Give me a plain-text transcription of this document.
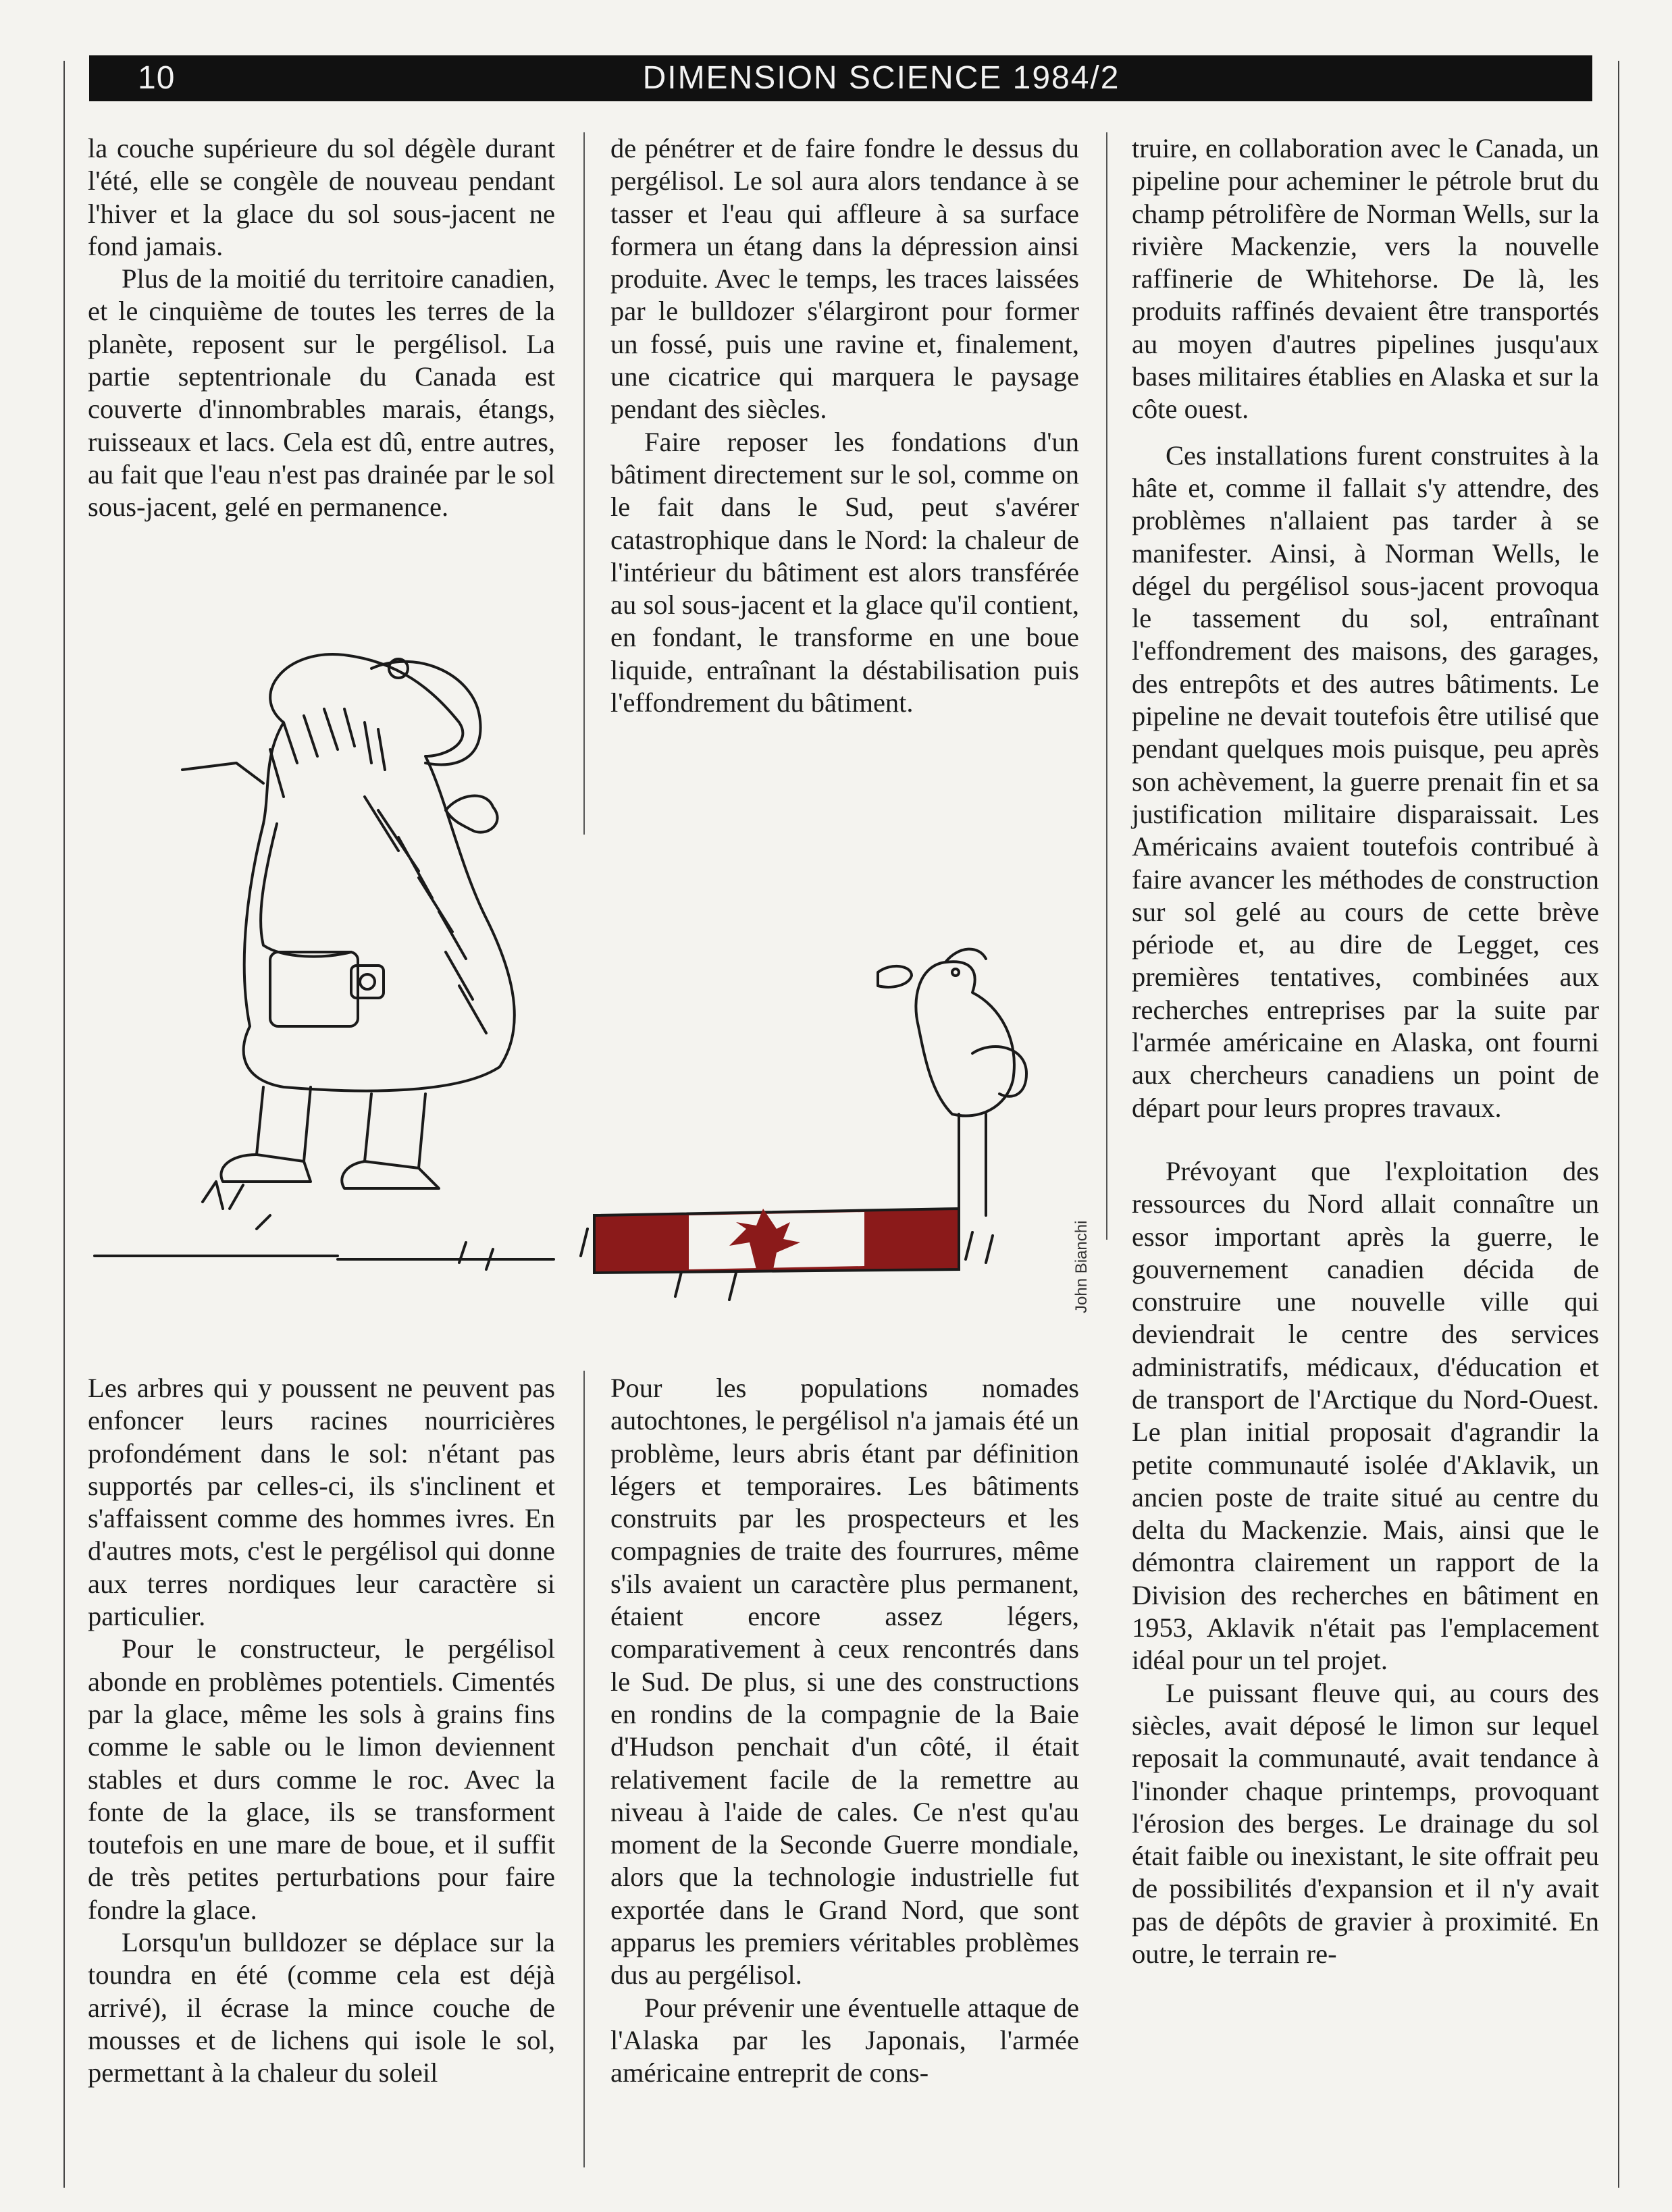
10	DIMENSION SCIENCE 1984/2

la couche supérieure du sol dégèle durant l'été, elle se congèle de nouveau pendant l'hiver et la glace du sol sous-jacent ne fond jamais.

Plus de la moitié du territoire canadien, et le cinquième de toutes les terres de la planète, reposent sur le pergélisol. La partie septentrionale du Canada est couverte d'innombrables marais, étangs, ruisseaux et lacs. Cela est dû, entre autres, au fait que l'eau n'est pas drainée par le sol sous-jacent, gelé en permanence.

de pénétrer et de faire fondre le dessus du pergélisol. Le sol aura alors tendance à se tasser et l'eau qui affleure à sa surface formera un étang dans la dépression ainsi produite. Avec le temps, les traces laissées par le bulldozer s'élargiront pour former un fossé, puis une ravine et, finalement, une cicatrice qui marquera le paysage pendant des siècles.

Faire reposer les fondations d'un bâtiment directement sur le sol, comme on le fait dans le Sud, peut s'avérer catastrophique dans le Nord: la chaleur de l'intérieur du bâtiment est alors transférée au sol sous-jacent et la glace qu'il contient, en fondant, le transforme en une boue liquide, entraînant la déstabilisation puis l'effondrement du bâtiment.

truire, en collaboration avec le Canada, un pipeline pour acheminer le pétrole brut du champ pétrolifère de Norman Wells, sur la rivière Mackenzie, vers la nouvelle raffinerie de Whitehorse. De là, les produits raffinés devaient être transportés au moyen d'autres pipelines jusqu'aux bases militaires établies en Alaska et sur la côte ouest.

Ces installations furent construites à la hâte et, comme il fallait s'y attendre, des problèmes n'allaient pas tarder à se manifester. Ainsi, à Norman Wells, le dégel du pergélisol sous-jacent provoqua le tassement du sol, entraînant l'effondrement des maisons, des garages, des entrepôts et des autres bâtiments. Le pipeline ne devait toutefois être utilisé que pendant quelques mois puisque, peu après son achèvement, la guerre prenait fin et sa justification militaire disparaissait. Les Américains avaient toutefois contribué à faire avancer les méthodes de construction sur sol gelé au cours de cette brève période et, au dire de Legget, ces premières tentatives, combinées aux recherches entreprises par la suite par l'armée américaine en Alaska, ont fourni aux chercheurs canadiens un point de départ pour leurs propres travaux.

Prévoyant que l'exploitation des ressources du Nord allait connaître un essor important après la guerre, le gouvernement canadien décida de construire une nouvelle ville qui deviendrait le centre des services administratifs, médicaux, d'éducation et de transport de l'Arctique du Nord-Ouest. Le plan initial proposait d'agrandir la petite communauté isolée d'Aklavik, un ancien poste de traite situé au centre du delta du Mackenzie. Mais, ainsi que le démontra clairement un rapport de la Division des recherches en bâtiment en 1953, Aklavik n'était pas l'emplacement idéal pour un tel projet.

Le puissant fleuve qui, au cours des siècles, avait déposé le limon sur lequel reposait la communauté, avait tendance à l'inonder chaque printemps, provoquant l'érosion des berges. Le drainage du sol était faible ou inexistant, le site offrait peu de possibilités d'expansion et il n'y avait pas de dépôts de gravier à proximité. En outre, le terrain re-

John Bianchi

Les arbres qui y poussent ne peuvent pas enfoncer leurs racines nourricières profondément dans le sol: n'étant pas supportés par celles-ci, ils s'inclinent et s'affaissent comme des hommes ivres. En d'autres mots, c'est le pergélisol qui donne aux terres nordiques leur caractère si particulier.

Pour le constructeur, le pergélisol abonde en problèmes potentiels. Cimentés par la glace, même les sols à grains fins comme le sable ou le limon deviennent stables et durs comme le roc. Avec la fonte de la glace, ils se transforment toutefois en une mare de boue, et il suffit de très petites perturbations pour faire fondre la glace.

Lorsqu'un bulldozer se déplace sur la toundra en été (comme cela est déjà arrivé), il écrase la mince couche de mousses et de lichens qui isole le sol, permettant à la chaleur du soleil

Pour les populations nomades autochtones, le pergélisol n'a jamais été un problème, leurs abris étant par définition légers et temporaires. Les bâtiments construits par les prospecteurs et les compagnies de traite des fourrures, même s'ils avaient un caractère plus permanent, étaient encore assez légers, comparativement à ceux rencontrés dans le Sud. De plus, si une des constructions en rondins de la compagnie de la Baie d'Hudson penchait d'un côté, il était relativement facile de la remettre au niveau à l'aide de cales. Ce n'est qu'au moment de la Seconde Guerre mondiale, alors que la technologie industrielle fut exportée dans le Grand Nord, que sont apparus les premiers véritables problèmes dus au pergélisol.

Pour prévenir une éventuelle attaque de l'Alaska par les Japonais, l'armée américaine entreprit de cons-
